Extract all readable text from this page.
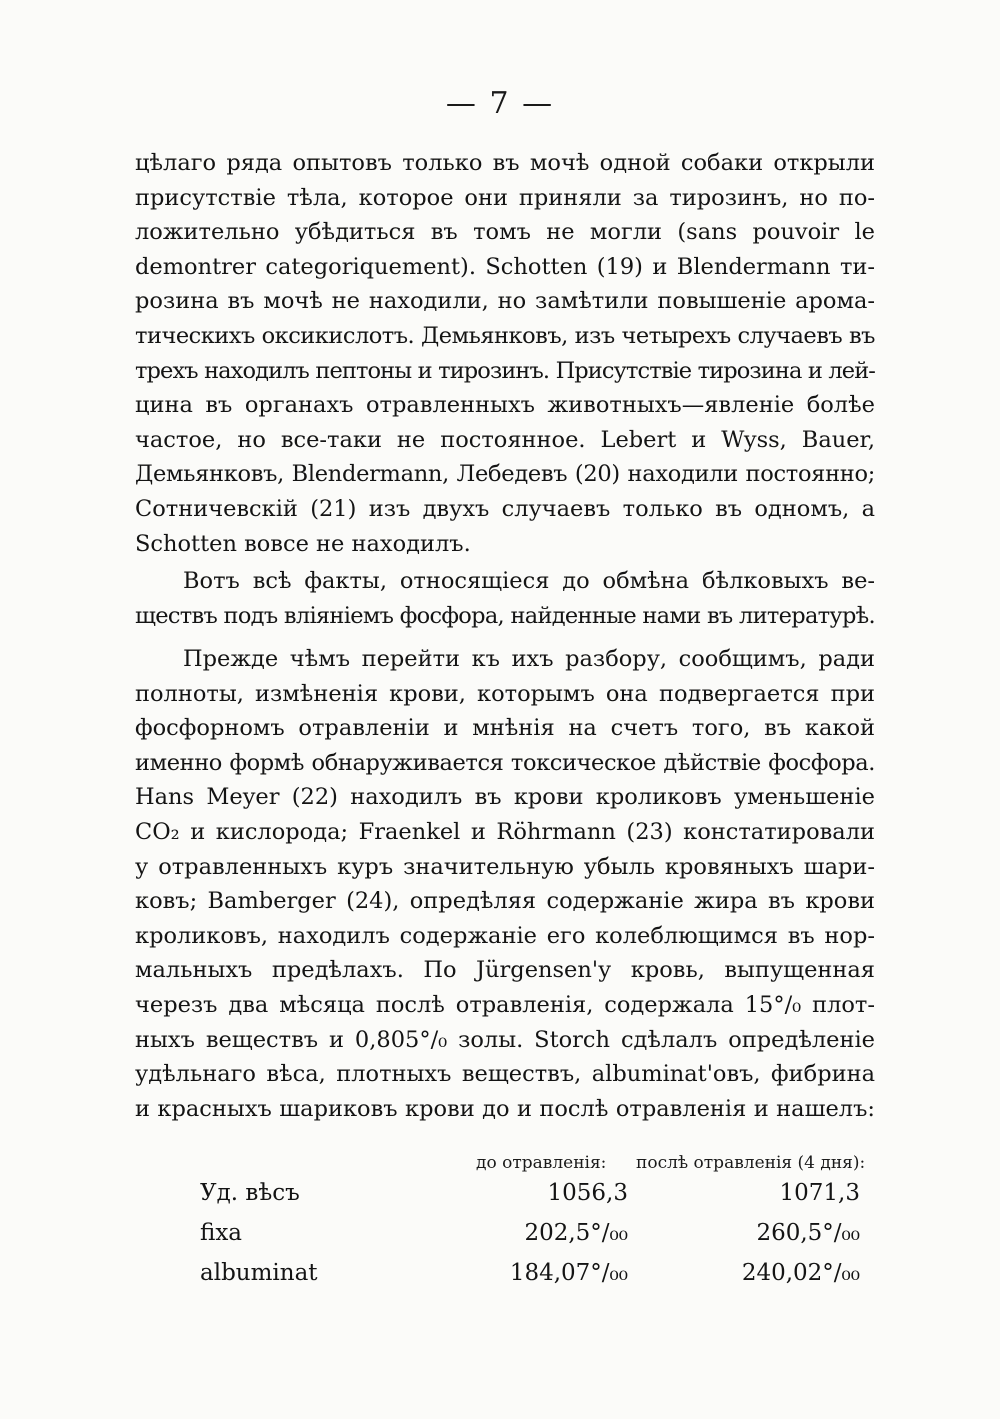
— 7 —
цѣлаго ряда опытовъ только въ мочѣ одной собаки открыли
присутствіе тѣла, которое они приняли за тирозинъ, но по-
ложительно убѣдиться въ томъ не могли (sans pouvoir le
demontrer categoriquement). Schotten (19) и Blendermann ти-
розина въ мочѣ не находили, но замѣтили повышеніе арома-
тическихъ оксикислотъ. Демьянковъ, изъ четырехъ случаевъ въ
трехъ находилъ пептоны и тирозинъ. Присутствіе тирозина и лей-
цина въ органахъ отравленныхъ животныхъ—явленіе болѣе
частое, но все-таки не постоянное. Lebert и Wyss, Bauer,
Демьянковъ, Blendermann, Лебедевъ (20) находили постоянно;
Сотничевскій (21) изъ двухъ случаевъ только въ одномъ, а
Schotten вовсе не находилъ.
Вотъ всѣ факты, относящіеся до обмѣна бѣлковыхъ ве-
ществъ подъ вліяніемъ фосфора, найденные нами въ литературѣ.
Прежде чѣмъ перейти къ ихъ разбору, сообщимъ, ради
полноты, измѣненія крови, которымъ она подвергается при
фосфорномъ отравленіи и мнѣнія на счетъ того, въ какой
именно формѣ обнаруживается токсическое дѣйствіе фосфора.
Hans Meyer (22) находилъ въ крови кроликовъ уменьшеніе
CO₂ и кислорода; Fraenkel и Röhrmann (23) констатировали
у отравленныхъ куръ значительную убыль кровяныхъ шари-
ковъ; Bamberger (24), опредѣляя содержаніе жира въ крови
кроликовъ, находилъ содержаніе его колеблющимся въ нор-
мальныхъ предѣлахъ. По Jürgensen'у кровь, выпущенная
черезъ два мѣсяца послѣ отравленія, содержала 15°/₀ плот-
ныхъ веществъ и 0,805°/₀ золы. Storch сдѣлалъ опредѣленіе
удѣльнаго вѣса, плотныхъ веществъ, albuminat'овъ, фибрина
и красныхъ шариковъ крови до и послѣ отравленія и нашелъ:
до отравленія: послѣ отравленія (4 дня):
Уд. вѣсъ	1056,3	1071,3
fixa	202,5°/₀₀	260,5°/₀₀
albuminat	184,07°/₀₀	240,02°/₀₀
